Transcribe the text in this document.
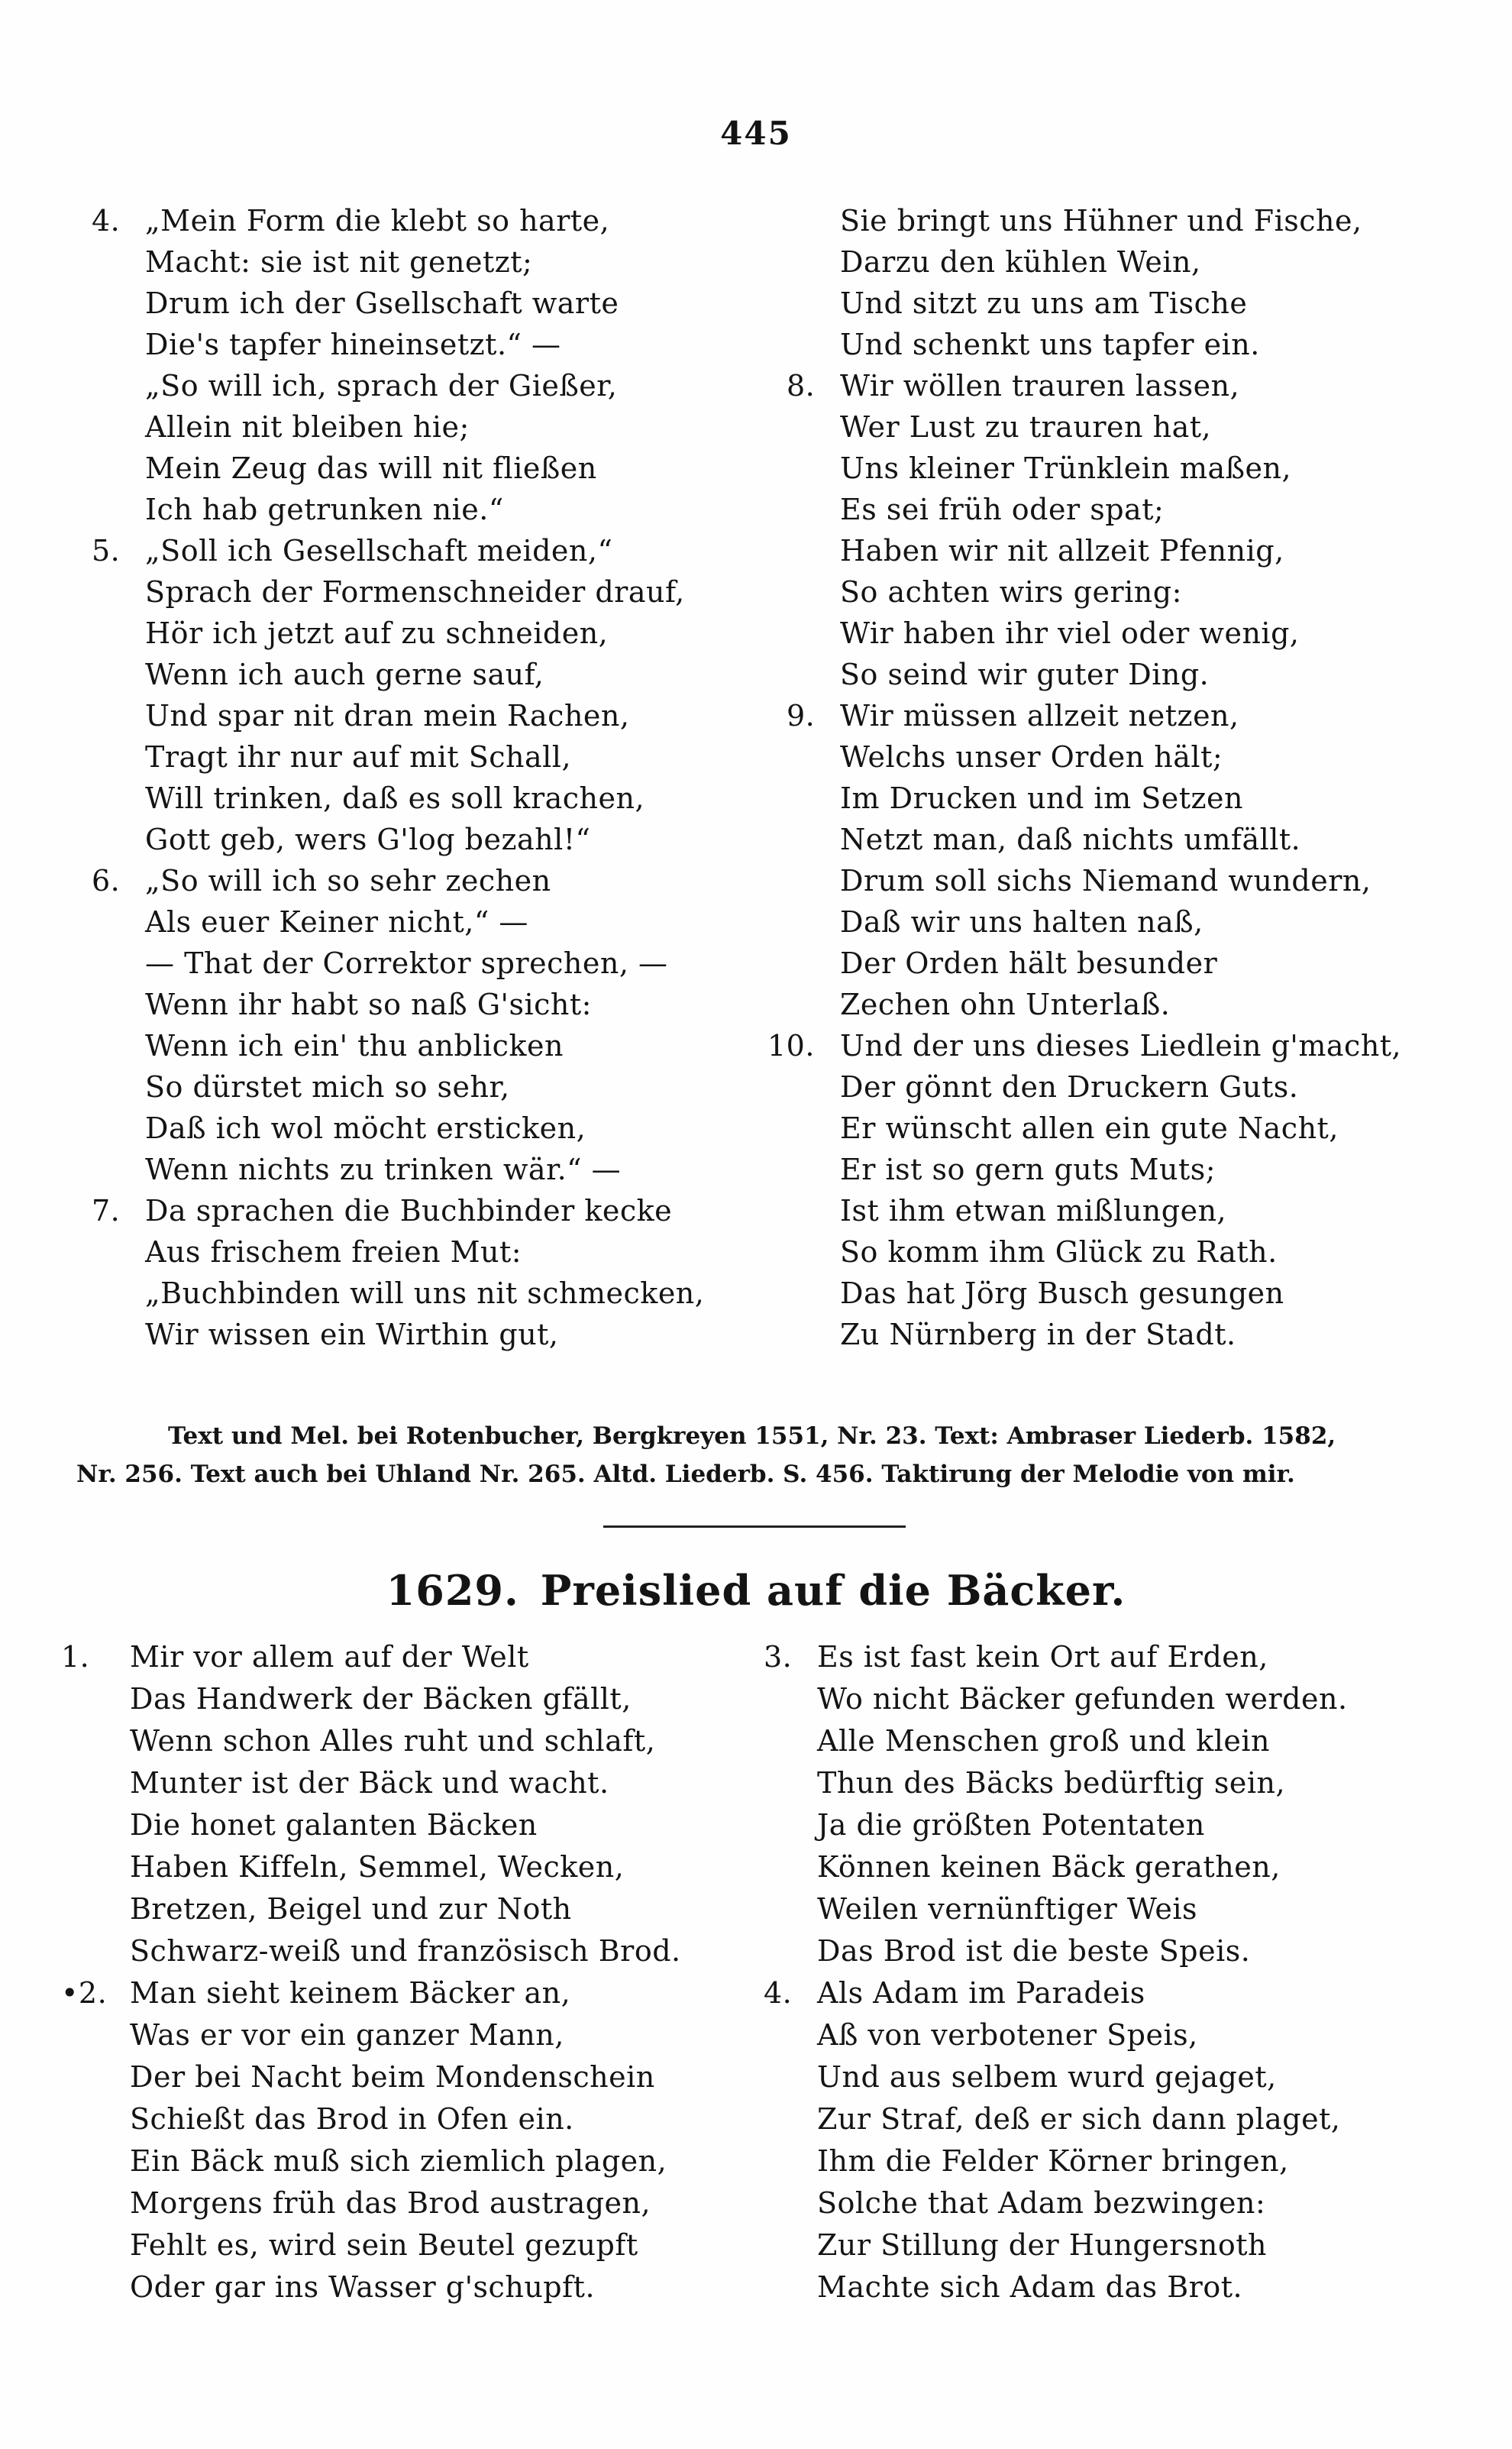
445
4. „Mein Form die klebt so harte,
Macht: sie ist nit genetzt;
Drum ich der Gsellschaft warte
Die's tapfer hineinsetzt.“ —
„So will ich, sprach der Gießer,
Allein nit bleiben hie;
Mein Zeug das will nit fließen
Ich hab getrunken nie.“
5. „Soll ich Gesellschaft meiden,“
Sprach der Formenschneider drauf,
Hör ich jetzt auf zu schneiden,
Wenn ich auch gerne sauf,
Und spar nit dran mein Rachen,
Tragt ihr nur auf mit Schall,
Will trinken, daß es soll krachen,
Gott geb, wers G'log bezahl!“
6. „So will ich so sehr zechen
Als euer Keiner nicht,“ —
— That der Correktor sprechen, —
Wenn ihr habt so naß G'sicht:
Wenn ich ein' thu anblicken
So dürstet mich so sehr,
Daß ich wol möcht ersticken,
Wenn nichts zu trinken wär.“ —
7. Da sprachen die Buchbinder kecke
Aus frischem freien Mut:
„Buchbinden will uns nit schmecken,
Wir wissen ein Wirthin gut,
Sie bringt uns Hühner und Fische,
Darzu den kühlen Wein,
Und sitzt zu uns am Tische
Und schenkt uns tapfer ein.
8. Wir wöllen trauren lassen,
Wer Lust zu trauren hat,
Uns kleiner Trünklein maßen,
Es sei früh oder spat;
Haben wir nit allzeit Pfennig,
So achten wirs gering:
Wir haben ihr viel oder wenig,
So seind wir guter Ding.
9. Wir müssen allzeit netzen,
Welchs unser Orden hält;
Im Drucken und im Setzen
Netzt man, daß nichts umfällt.
Drum soll sichs Niemand wundern,
Daß wir uns halten naß,
Der Orden hält besunder
Zechen ohn Unterlaß.
10. Und der uns dieses Liedlein g'macht,
Der gönnt den Druckern Guts.
Er wünscht allen ein gute Nacht,
Er ist so gern guts Muts;
Ist ihm etwan mißlungen,
So komm ihm Glück zu Rath.
Das hat Jörg Busch gesungen
Zu Nürnberg in der Stadt.
Text und Mel. bei Rotenbucher, Bergkreyen 1551, Nr. 23. Text: Ambraser Liederb. 1582,
Nr. 256. Text auch bei Uhland Nr. 265. Altd. Liederb. S. 456. Taktirung der Melodie von mir.
1629. Preislied auf die Bäcker.
1.	Mir vor allem auf der Welt
Das Handwerk der Bäcken gfällt,
Wenn schon Alles ruht und schlaft,
Munter ist der Bäck und wacht.
Die honet galanten Bäcken
Haben Kiffeln, Semmel, Wecken,
Bretzen, Beigel und zur Noth
Schwarz-weiß und französisch Brod.
•2. Man sieht keinem Bäcker an,
Was er vor ein ganzer Mann,
Der bei Nacht beim Mondenschein
Schießt das Brod in Ofen ein.
Ein Bäck muß sich ziemlich plagen,
Morgens früh das Brod austragen,
Fehlt es, wird sein Beutel gezupft
Oder gar ins Wasser g'schupft.
3. Es ist fast kein Ort auf Erden,
Wo nicht Bäcker gefunden werden.
Alle Menschen groß und klein
Thun des Bäcks bedürftig sein,
Ja die größten Potentaten
Können keinen Bäck gerathen,
Weilen vernünftiger Weis
Das Brod ist die beste Speis.
4. Als Adam im Paradeis
Aß von verbotener Speis,
Und aus selbem wurd gejaget,
Zur Straf, deß er sich dann plaget,
Ihm die Felder Körner bringen,
Solche that Adam bezwingen:
Zur Stillung der Hungersnoth
Machte sich Adam das Brot.
